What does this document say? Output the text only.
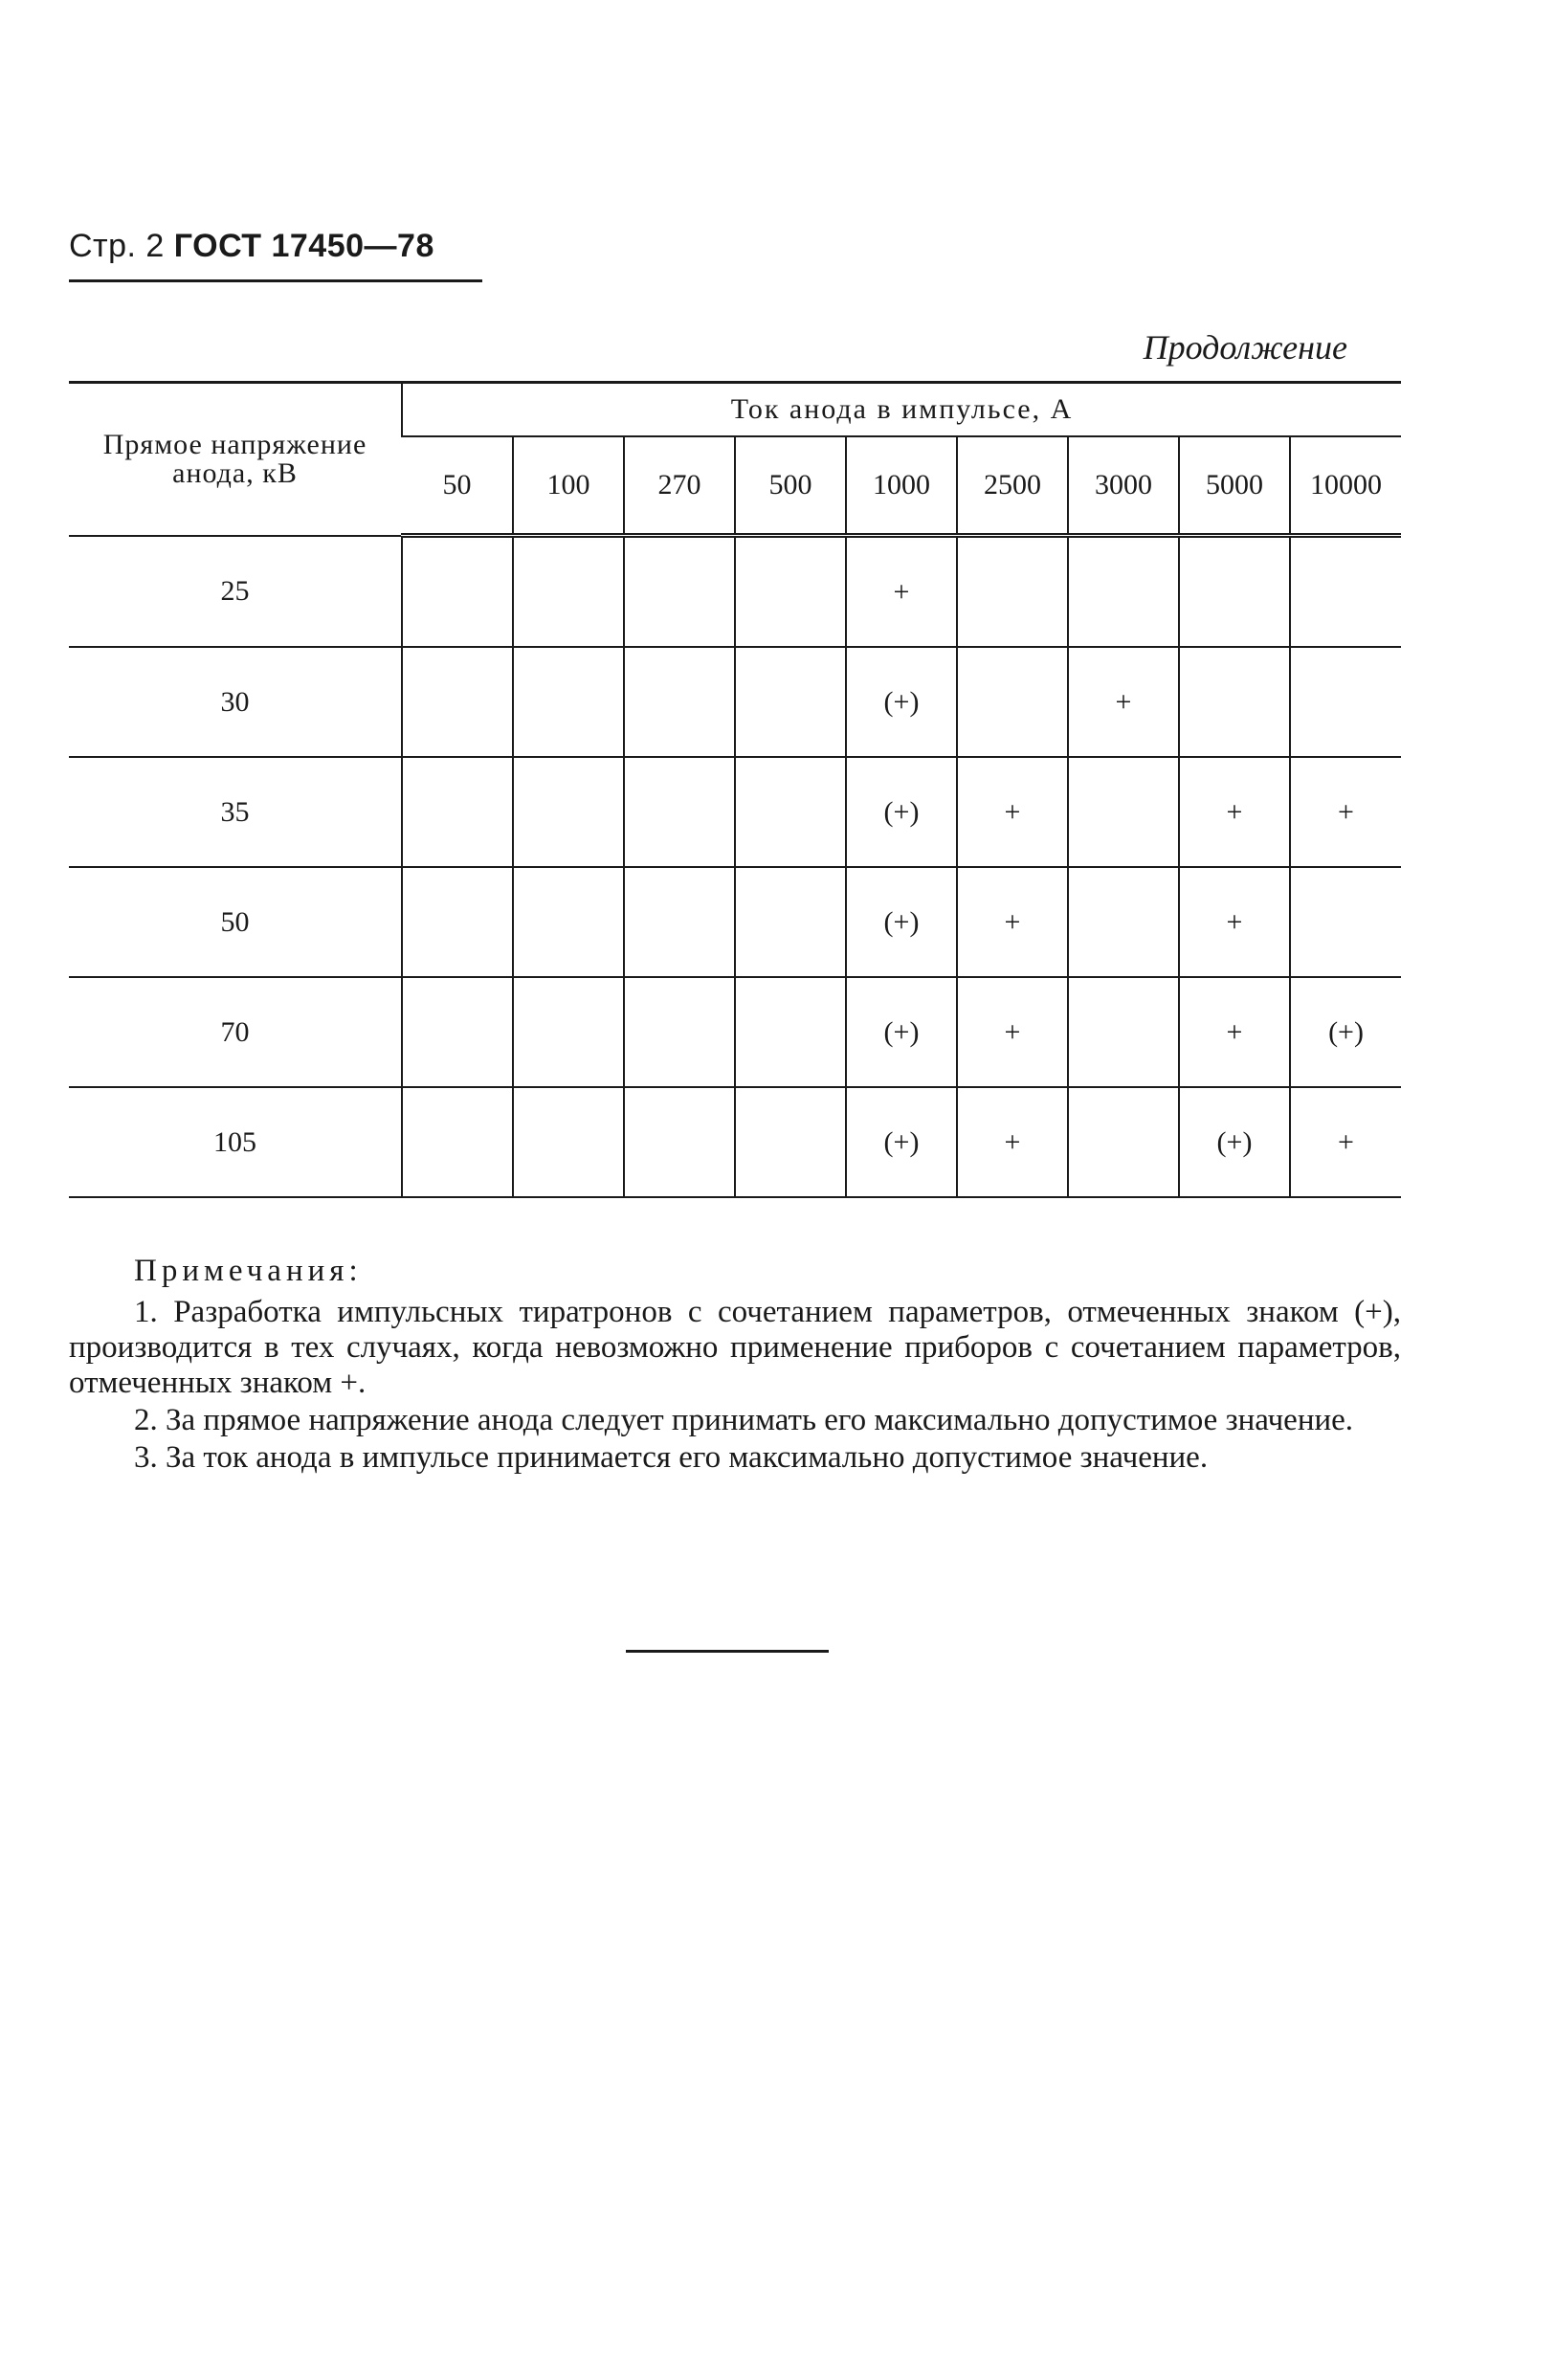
Стр. 2 ГОСТ 17450—78
Продолжение
Прямое напряжение анода, кВ	Ток анода в импульсе, А								
	50	100	270	500	1000	2500	3000	5000	10000
25					+				
30					(+)		+		
35					(+)	+		+	+
50					(+)	+		+	
70					(+)	+		+	(+)
105					(+)	+		(+)	+
Примечания:

1. Разработка импульсных тиратронов с сочетанием параметров, отмеченных знаком (+), производится в тех случаях, когда невозможно применение приборов с сочетанием параметров, отмеченных знаком +.

2. За прямое напряжение анода следует принимать его максимально допустимое значение.

3. За ток анода в импульсе принимается его максимально допустимое значение.
